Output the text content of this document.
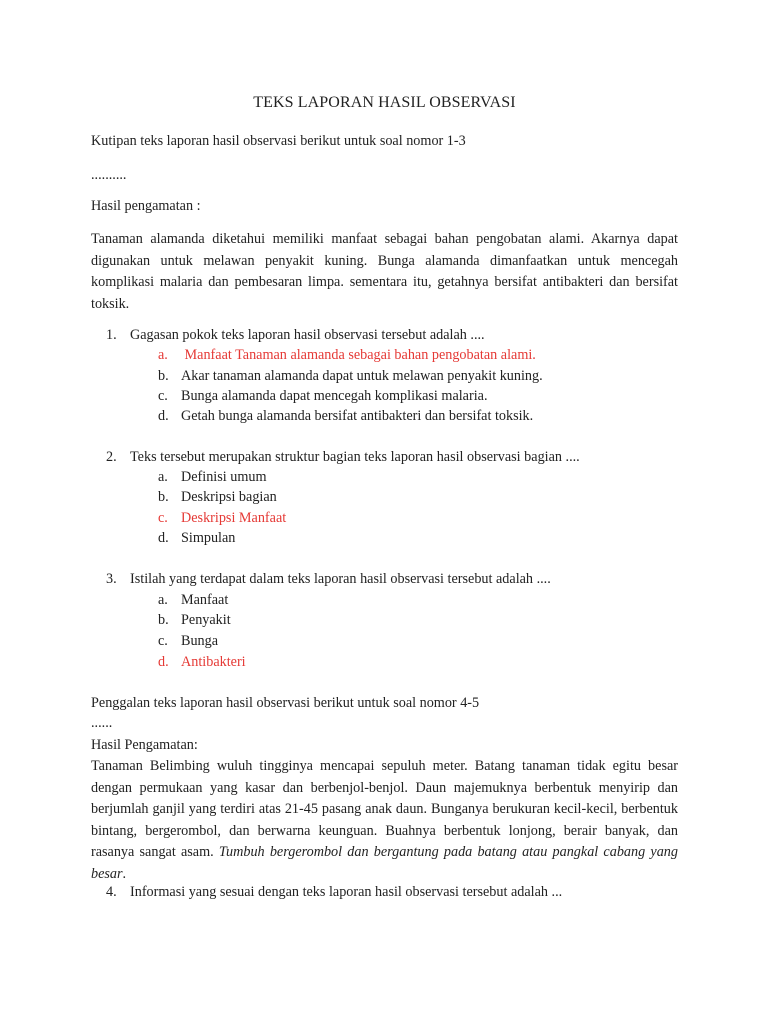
TEKS LAPORAN HASIL OBSERVASI
Kutipan teks laporan hasil observasi berikut untuk soal nomor 1-3
..........
Hasil pengamatan :
Tanaman alamanda diketahui memiliki manfaat sebagai bahan pengobatan alami. Akarnya dapat digunakan untuk melawan penyakit kuning. Bunga alamanda dimanfaatkan untuk mencegah komplikasi malaria dan pembesaran limpa. sementara itu, getahnya bersifat antibakteri dan bersifat toksik.
1. Gagasan pokok teks laporan hasil observasi tersebut adalah ....
a. Manfaat Tanaman alamanda sebagai bahan pengobatan alami.
b. Akar tanaman alamanda dapat untuk melawan penyakit kuning.
c. Bunga alamanda dapat mencegah komplikasi malaria.
d. Getah bunga alamanda bersifat antibakteri dan bersifat toksik.
2. Teks tersebut merupakan struktur bagian teks laporan hasil observasi bagian ....
a. Definisi umum
b. Deskripsi bagian
c. Deskripsi Manfaat
d. Simpulan
3. Istilah yang terdapat dalam teks laporan hasil observasi tersebut adalah ....
a. Manfaat
b. Penyakit
c. Bunga
d. Antibakteri
Penggalan teks laporan hasil observasi berikut untuk soal nomor 4-5
......
Hasil Pengamatan:
Tanaman Belimbing wuluh tingginya mencapai sepuluh meter. Batang tanaman tidak egitu besar dengan permukaan yang kasar dan berbenjol-benjol. Daun majemuknya berbentuk menyirip dan berjumlah ganjil yang terdiri atas 21-45 pasang anak daun. Bunganya berukuran kecil-kecil, berbentuk bintang, bergerombol, dan berwarna keunguan. Buahnya berbentuk lonjong, berair banyak, dan rasanya sangat asam. Tumbuh bergerombol dan bergantung pada batang atau pangkal cabang yang besar.
4. Informasi yang sesuai dengan teks laporan hasil observasi tersebut adalah ...
